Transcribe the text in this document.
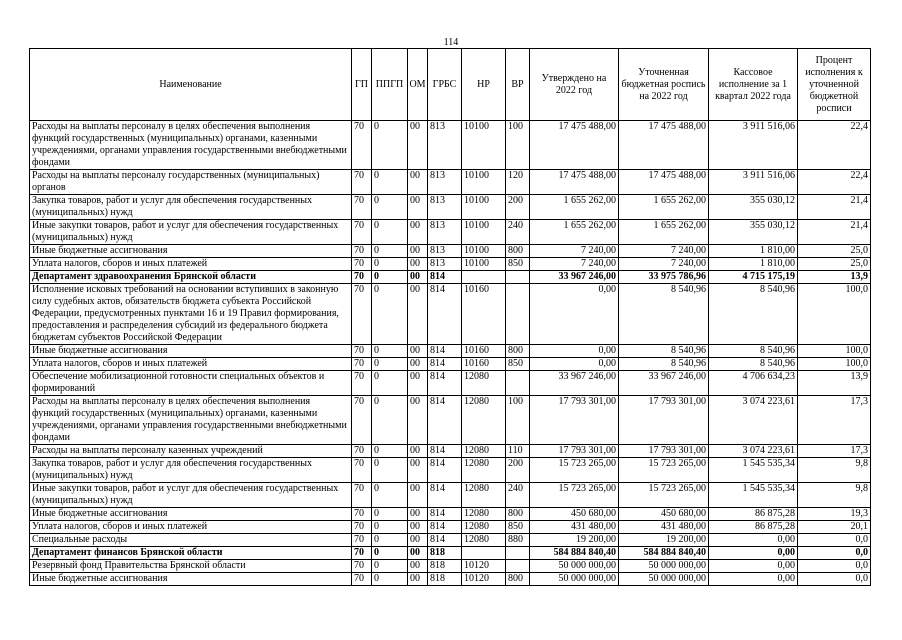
114
Наименование	ГП	ППГП	ОМ	ГРБС	НР	ВР	Утверждено на 2022 год	Уточненная бюджетная роспись на 2022 год	Кассовое исполнение за 1 квартал 2022 года	Процент исполнения к уточненной бюджетной росписи
Расходы на выплаты персоналу в целях обеспечения выполнения функций государственных (муниципальных) органами, казенными учреждениями, органами управления государственными внебюджетными фондами	70	0	00	813	10100	100	17 475 488,00	17 475 488,00	3 911 516,06	22,4
Расходы на выплаты персоналу государственных (муниципальных) органов	70	0	00	813	10100	120	17 475 488,00	17 475 488,00	3 911 516,06	22,4
Закупка товаров, работ и услуг для обеспечения государственных (муниципальных) нужд	70	0	00	813	10100	200	1 655 262,00	1 655 262,00	355 030,12	21,4
Иные закупки товаров, работ и услуг для обеспечения государственных (муниципальных) нужд	70	0	00	813	10100	240	1 655 262,00	1 655 262,00	355 030,12	21,4
Иные бюджетные ассигнования	70	0	00	813	10100	800	7 240,00	7 240,00	1 810,00	25,0
Уплата налогов, сборов и иных платежей	70	0	00	813	10100	850	7 240,00	7 240,00	1 810,00	25,0
Департамент здравоохранения Брянской области	70	0	00	814			33 967 246,00	33 975 786,96	4 715 175,19	13,9
Исполнение исковых требований на основании вступивших в законную силу судебных актов, обязательств бюджета субъекта Российской Федерации, предусмотренных пунктами 16 и 19 Правил формирования, предоставления и распределения субсидий из федерального бюджета бюджетам субъектов Российской Федерации	70	0	00	814	10160		0,00	8 540,96	8 540,96	100,0
Иные бюджетные ассигнования	70	0	00	814	10160	800	0,00	8 540,96	8 540,96	100,0
Уплата налогов, сборов и иных платежей	70	0	00	814	10160	850	0,00	8 540,96	8 540,96	100,0
Обеспечение мобилизационной готовности специальных объектов и формирований	70	0	00	814	12080		33 967 246,00	33 967 246,00	4 706 634,23	13,9
Расходы на выплаты персоналу в целях обеспечения выполнения функций государственных (муниципальных) органами, казенными учреждениями, органами управления государственными внебюджетными фондами	70	0	00	814	12080	100	17 793 301,00	17 793 301,00	3 074 223,61	17,3
Расходы на выплаты персоналу казенных учреждений	70	0	00	814	12080	110	17 793 301,00	17 793 301,00	3 074 223,61	17,3
Закупка товаров, работ и услуг для обеспечения государственных (муниципальных) нужд	70	0	00	814	12080	200	15 723 265,00	15 723 265,00	1 545 535,34	9,8
Иные закупки товаров, работ и услуг для обеспечения государственных (муниципальных) нужд	70	0	00	814	12080	240	15 723 265,00	15 723 265,00	1 545 535,34	9,8
Иные бюджетные ассигнования	70	0	00	814	12080	800	450 680,00	450 680,00	86 875,28	19,3
Уплата налогов, сборов и иных платежей	70	0	00	814	12080	850	431 480,00	431 480,00	86 875,28	20,1
Специальные расходы	70	0	00	814	12080	880	19 200,00	19 200,00	0,00	0,0
Департамент финансов Брянской области	70	0	00	818			584 884 840,40	584 884 840,40	0,00	0,0
Резервный фонд Правительства Брянской области	70	0	00	818	10120		50 000 000,00	50 000 000,00	0,00	0,0
Иные бюджетные ассигнования	70	0	00	818	10120	800	50 000 000,00	50 000 000,00	0,00	0,0
